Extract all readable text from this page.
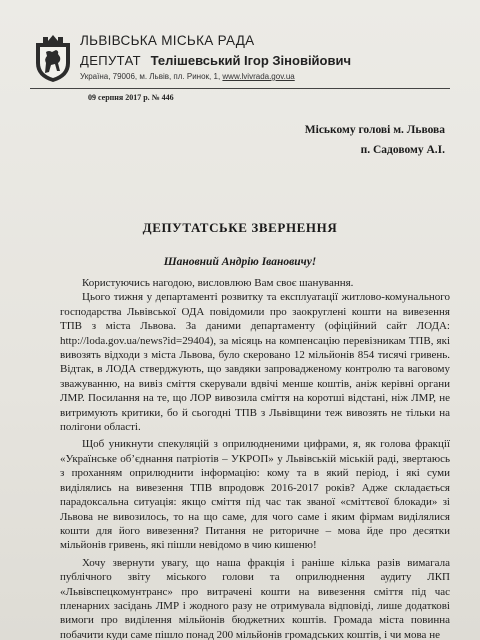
ЛЬВІВСЬКА МІСЬКА РАДА
ДЕПУТАТ Телішевський Ігор Зіновійович
Україна, 79006, м. Львів, пл. Ринок, 1, www.lvivrada.gov.ua
09 серпня 2017 р. № 446
Міському голові м. Львова
п. Садовому А.І.
ДЕПУТАТСЬКЕ ЗВЕРНЕННЯ
Шановний Андрію Івановичу!

Користуючись нагодою, висловлюю Вам своє шанування.

Цього тижня у департаменті розвитку та експлуатації житлово-комунального господарства Львівської ОДА повідомили про заокруглені кошти на вивезення ТПВ з міста Львова. За даними департаменту (офіційний сайт ЛОДА: http://loda.gov.ua/news?id=29404), за місяць на компенсацію перевізникам ТПВ, які вивозять відходи з міста Львова, було скеровано 12 мільйонів 854 тисячі гривень. Відтак, в ЛОДА стверджують, що завдяки запровадженому контролю та ваговому зважуванню, на вивіз сміття скерували вдвічі менше коштів, аніж керівні органи ЛМР. Посилання на те, що ЛОР вивозила сміття на коротші відстані, ніж ЛМР, не витримують критики, бо й сьогодні ТПВ з Львівщини теж вивозять не тільки на полігони області.

Щоб уникнути спекуляцій з оприлюдненими цифрами, я, як голова фракції «Українське об’єднання патріотів – УКРОП» у Львівській міській раді, звертаюсь з проханням оприлюднити інформацію: кому та в який період, і які суми виділялись на вивезення ТПВ впродовж 2016-2017 років? Адже складається парадоксальна ситуація: якщо сміття під час так званої «сміттєвої блокади» зі Львова не вивозилось, то на що саме, для чого саме і яким фірмам виділялися кошти для його вивезення? Питання не риторичне – мова йде про десятки мільйонів гривень, які пішли невідомо в чию кишеню!

Хочу звернути увагу, що наша фракція і раніше кілька разів вимагала публічного звіту міського голови та оприлюднення аудиту ЛКП «Львівспецкомунтранс» про витрачені кошти на вивезення сміття під час пленарних засідань ЛМР і жодного разу не отримувала відповіді, лише додаткові вимоги про виділення мільйонів бюджетних коштів. Громада міста повинна побачити куди саме пішло понад 200 мільйонів громадських коштів, і чи мова не
